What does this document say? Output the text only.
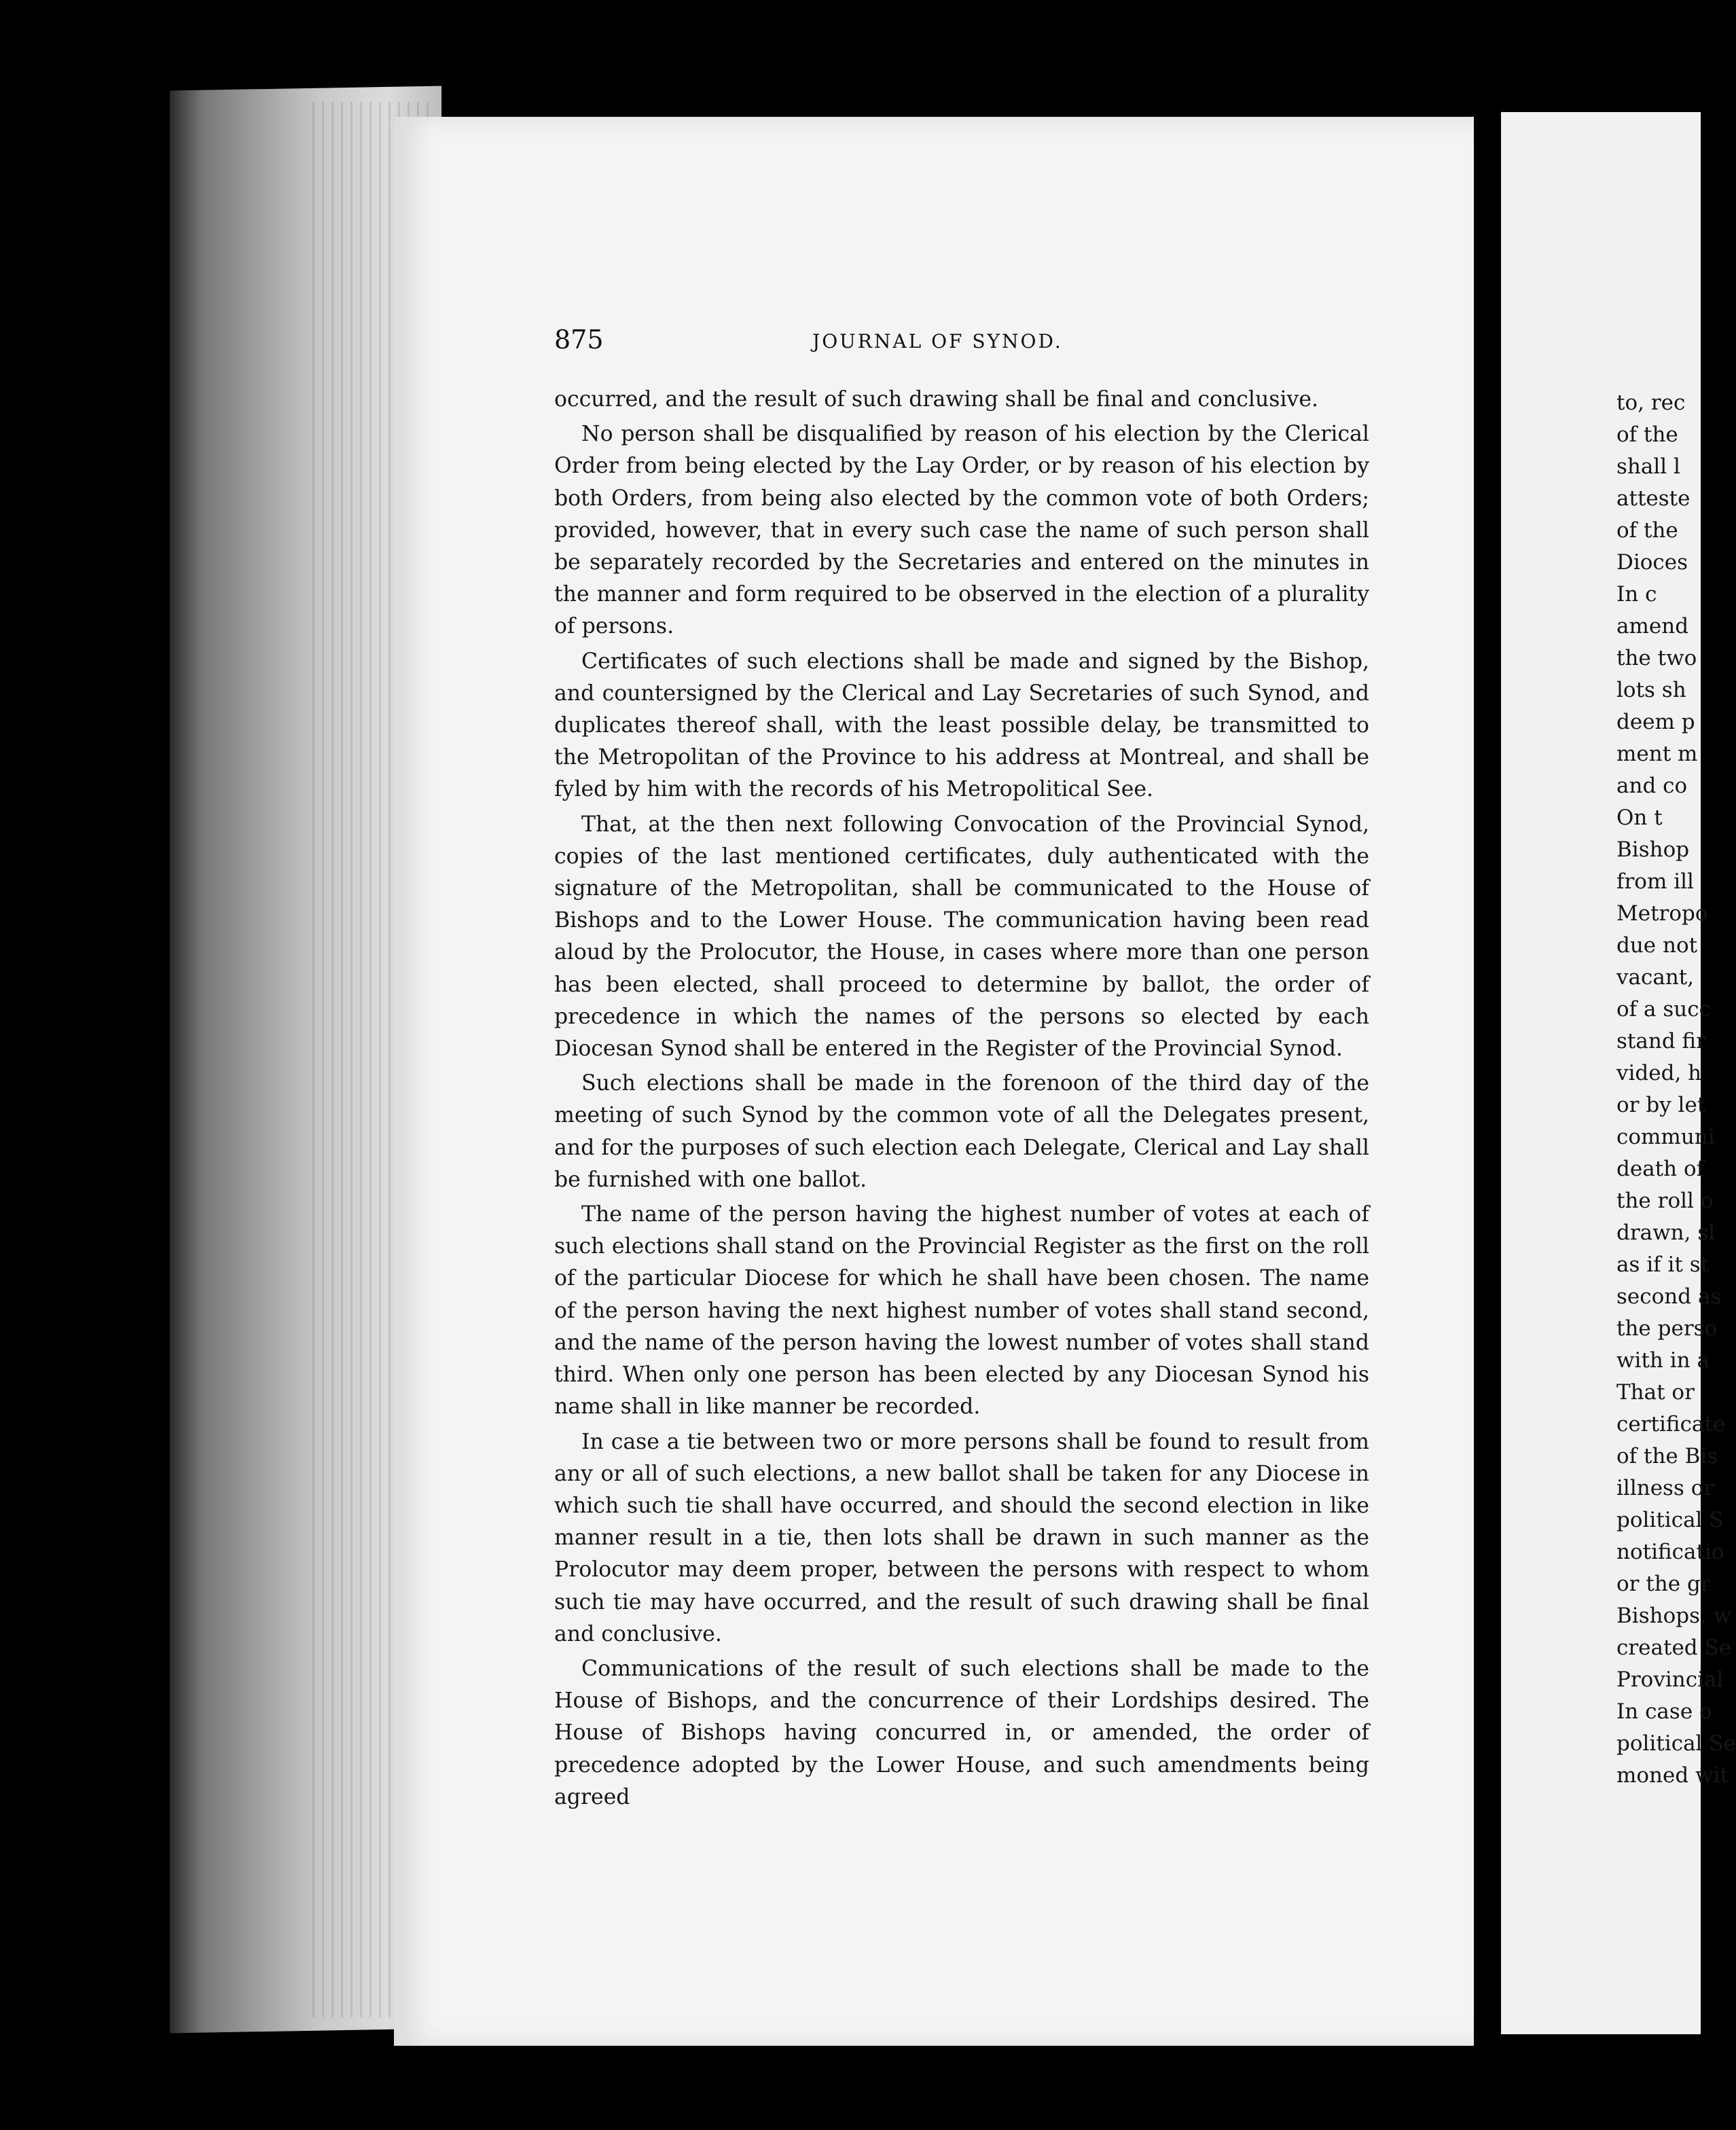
875	JOURNAL OF SYNOD.

occurred, and the result of such drawing shall be final and conclusive.

No person shall be disqualified by reason of his election by the Clerical Order from being elected by the Lay Order, or by reason of his election by both Orders, from being also elected by the common vote of both Orders; provided, however, that in every such case the name of such person shall be separately recorded by the Secretaries and entered on the minutes in the manner and form required to be observed in the election of a plurality of persons.

Certificates of such elections shall be made and signed by the Bishop, and countersigned by the Clerical and Lay Secretaries of such Synod, and duplicates thereof shall, with the least possible delay, be transmitted to the Metropolitan of the Province to his address at Montreal, and shall be fyled by him with the records of his Metropolitical See.

That, at the then next following Convocation of the Provincial Synod, copies of the last mentioned certificates, duly authenticated with the signature of the Metropolitan, shall be communicated to the House of Bishops and to the Lower House. The communication having been read aloud by the Prolocutor, the House, in cases where more than one person has been elected, shall proceed to determine by ballot, the order of precedence in which the names of the persons so elected by each Diocesan Synod shall be entered in the Register of the Provincial Synod.

Such elections shall be made in the forenoon of the third day of the meeting of such Synod by the common vote of all the Delegates present, and for the purposes of such election each Delegate, Clerical and Lay shall be furnished with one ballot.

The name of the person having the highest number of votes at each of such elections shall stand on the Provincial Register as the first on the roll of the particular Diocese for which he shall have been chosen. The name of the person having the next highest number of votes shall stand second, and the name of the person having the lowest number of votes shall stand third. When only one person has been elected by any Diocesan Synod his name shall in like manner be recorded.

In case a tie between two or more persons shall be found to result from any or all of such elections, a new ballot shall be taken for any Diocese in which such tie shall have occurred, and should the second election in like manner result in a tie, then lots shall be drawn in such manner as the Prolocutor may deem proper, between the persons with respect to whom such tie may have occurred, and the result of such drawing shall be final and conclusive.

Communications of the result of such elections shall be made to the House of Bishops, and the concurrence of their Lordships desired. The House of Bishops having concurred in, or amended, the order of precedence adopted by the Lower House, and such amendments being agreed

to, rec
of the
shall l
atteste
of the
Dioces
In c
amend
the two
lots sh
deem p
ment m
and co
On t
Bishop
from ill
Metropo
due not
vacant,
of a succ
stand fir
vided, h
or by let
communi
death of
the roll o
drawn, sl
as if it st
second as
the perso
with in a
That or
certificate
of the Bis
illness or
political S
notificatio
or the gr
Bishops, w
created Se
Provincial
In case o
political Se
moned wit
